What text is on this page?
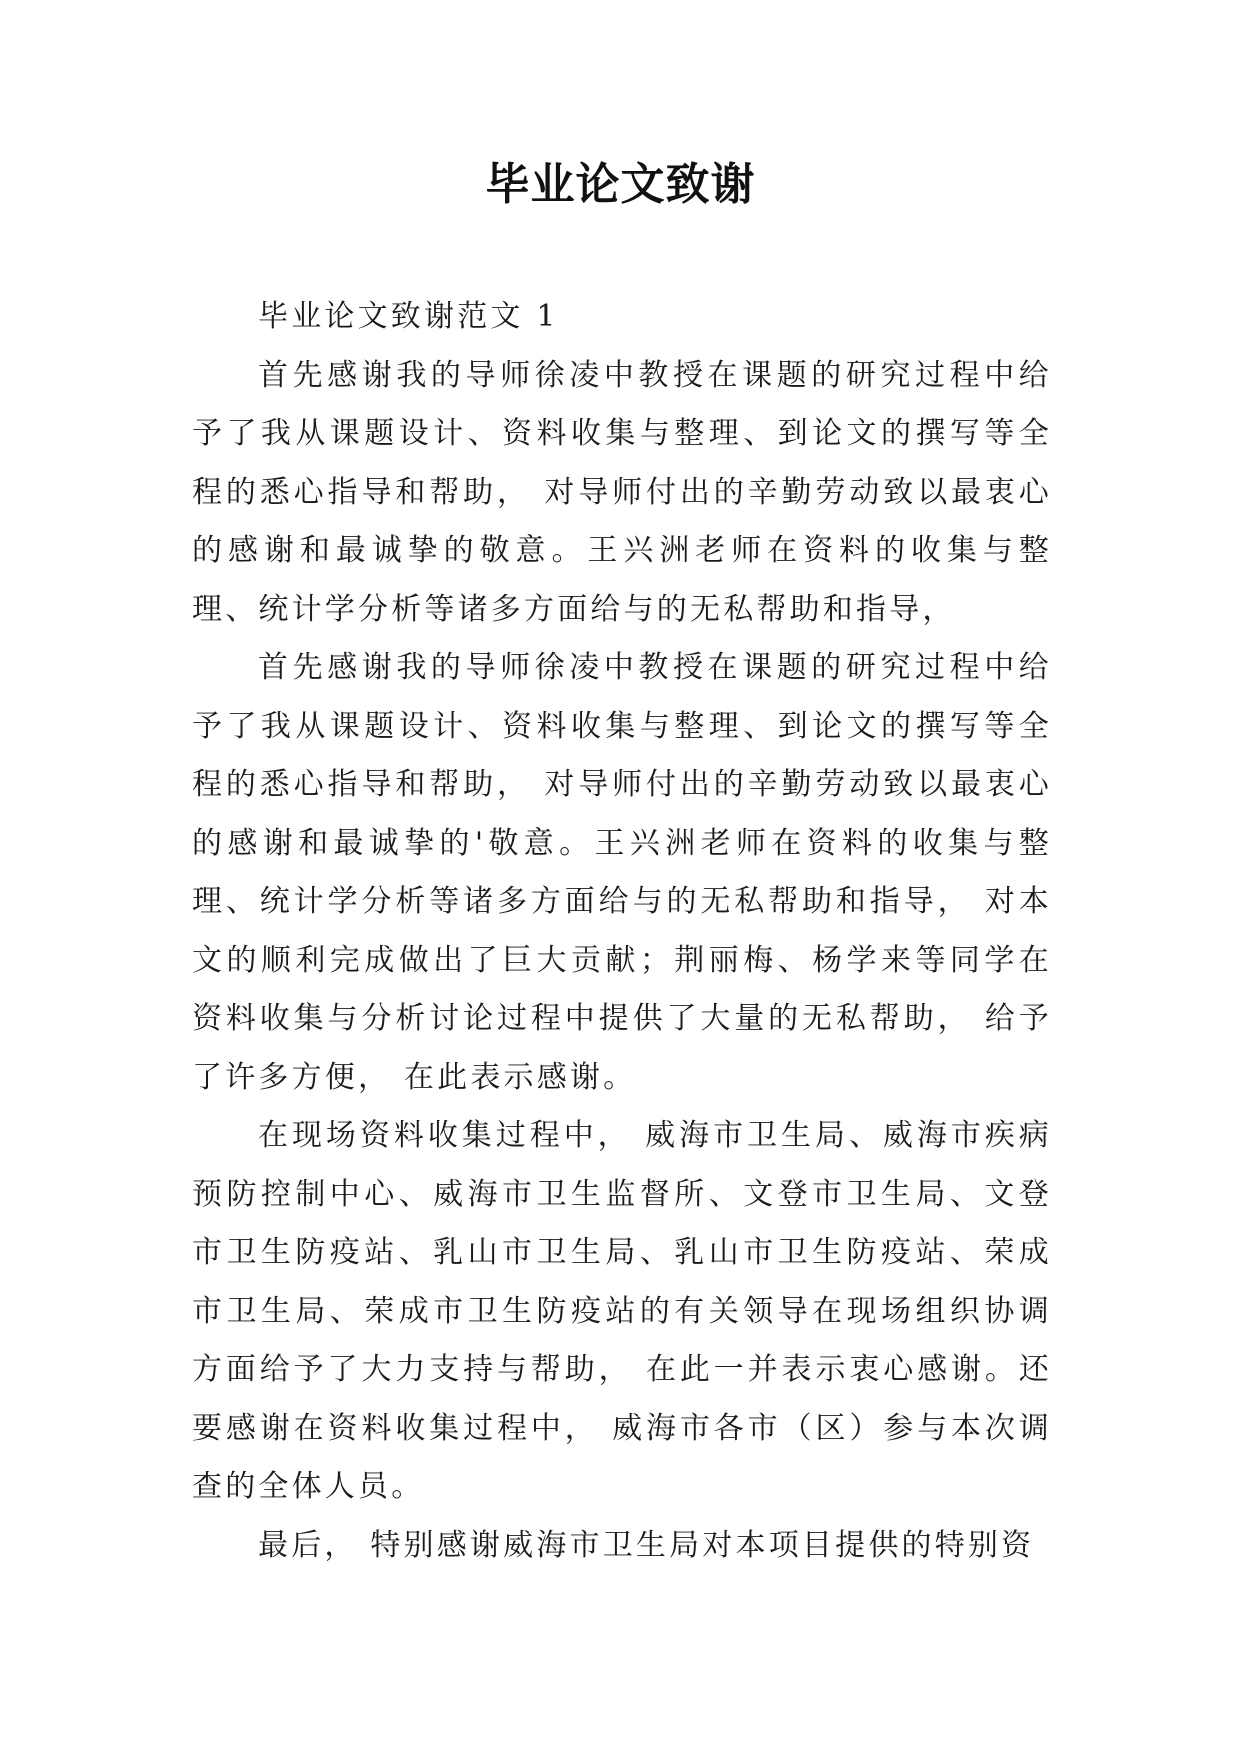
毕业论文致谢

毕业论文致谢范文 1

首先感谢我的导师徐凌中教授在课题的研究过程中给予了我从课题设计、资料收集与整理、到论文的撰写等全程的悉心指导和帮助， 对导师付出的辛勤劳动致以最衷心的感谢和最诚挚的敬意。王兴洲老师在资料的收集与整理、统计学分析等诸多方面给与的无私帮助和指导，

首先感谢我的导师徐凌中教授在课题的研究过程中给予了我从课题设计、资料收集与整理、到论文的撰写等全程的悉心指导和帮助， 对导师付出的辛勤劳动致以最衷心的感谢和最诚挚的'敬意。王兴洲老师在资料的收集与整理、统计学分析等诸多方面给与的无私帮助和指导， 对本文的顺利完成做出了巨大贡献；荆丽梅、杨学来等同学在资料收集与分析讨论过程中提供了大量的无私帮助， 给予了许多方便， 在此表示感谢。

在现场资料收集过程中， 威海市卫生局、威海市疾病预防控制中心、威海市卫生监督所、文登市卫生局、文登市卫生防疫站、乳山市卫生局、乳山市卫生防疫站、荣成市卫生局、荣成市卫生防疫站的有关领导在现场组织协调方面给予了大力支持与帮助， 在此一并表示衷心感谢。还要感谢在资料收集过程中， 威海市各市（区）参与本次调查的全体人员。

最后， 特别感谢威海市卫生局对本项目提供的特别资
